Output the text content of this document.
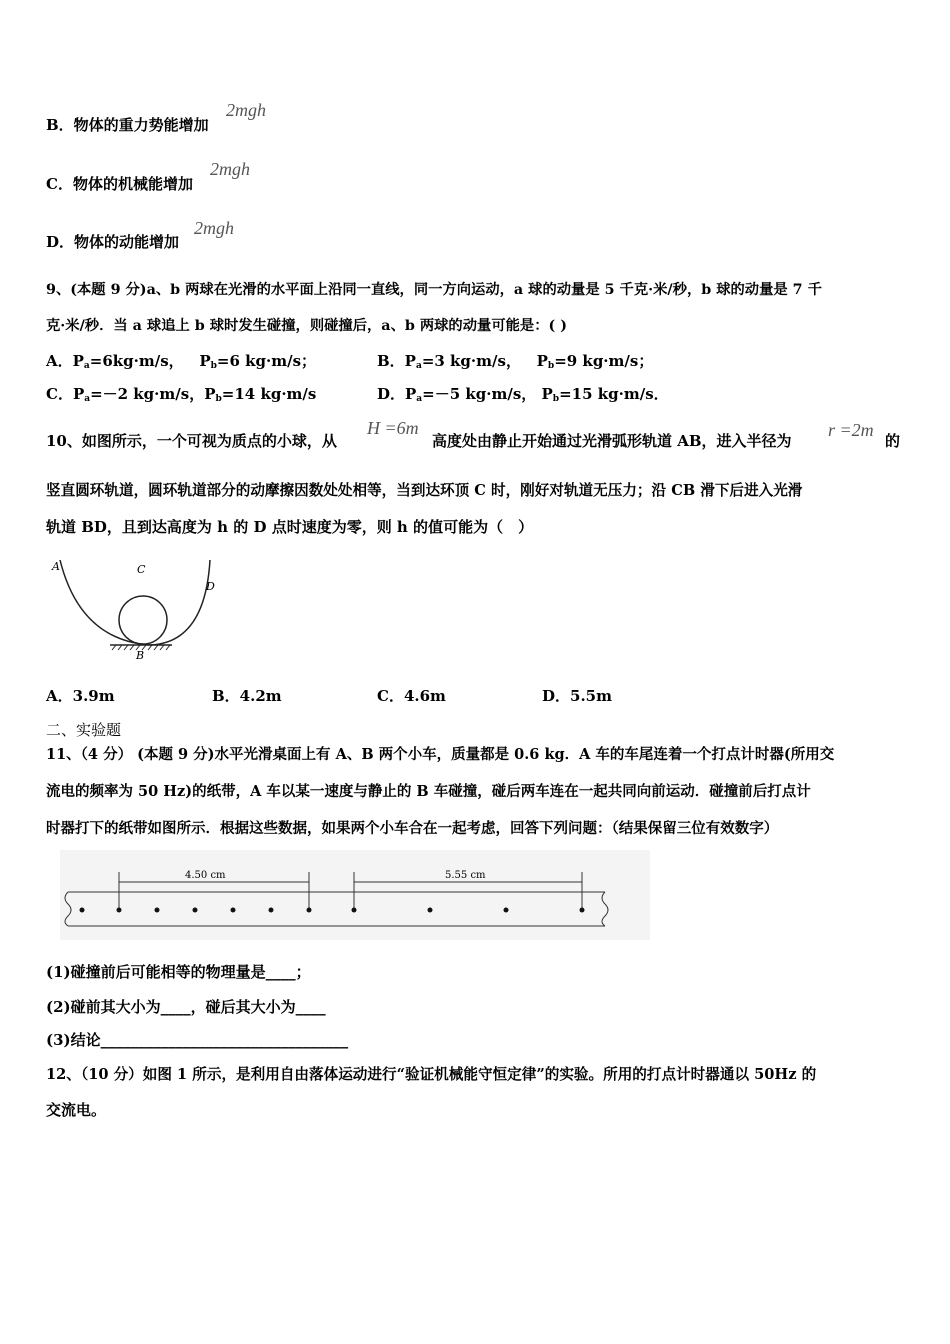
B．物体的重力势能增加
2mgh
C．物体的机械能增加
2mgh
D．物体的动能增加
2mgh
9、(本题 9 分)a、b 两球在光滑的水平面上沿同一直线，同一方向运动，a 球的动量是 5 千克·米/秒，b 球的动量是 7 千
克·米/秒．当 a 球追上 b 球时发生碰撞，则碰撞后，a、b 两球的动量可能是：( )
A．$P_a=6kg\cdot m/s$， $P_b=6$ kg·m/s；	B．$P_a=3$ kg·m/s， $P_b=9$ kg·m/s；
C．$P_a=-2$ kg·m/s，$P_b=14$ kg·m/s	D．$P_a=-5$ kg·m/s， $P_b=15$ kg·m/s．
10、如图所示，一个可视为质点的小球，从
H =6m
高度处由静止开始通过光滑弧形轨道 AB，进入半径为
r =2m
的
竖直圆环轨道，圆环轨道部分的动摩擦因数处处相等，当到达环顶 C 时，刚好对轨道无压力；沿 CB 滑下后进入光滑
轨道 BD，且到达高度为 h 的 D 点时速度为零，则 h 的值可能为（　）
A	C
D
B
A．3.9m	B．4.2m	C．4.6m	D．5.5m
二、实验题
11、（4 分） (本题 9 分)水平光滑桌面上有 A、B 两个小车，质量都是 0.6 kg．A 车的车尾连着一个打点计时器(所用交
流电的频率为 50 Hz)的纸带，A 车以某一速度与静止的 B 车碰撞，碰后两车连在一起共同向前运动．碰撞前后打点计
时器打下的纸带如图所示．根据这些数据，如果两个小车合在一起考虑，回答下列问题：（结果保留三位有效数字）
4.50 cm	5.55 cm
(1)碰撞前后可能相等的物理量是____；
(2)碰前其大小为____，碰后其大小为____
(3)结论_________________________________
12、（10 分）如图 1 所示，是利用自由落体运动进行“验证机械能守恒定律”的实验。所用的打点计时器通以 50Hz 的
交流电。
